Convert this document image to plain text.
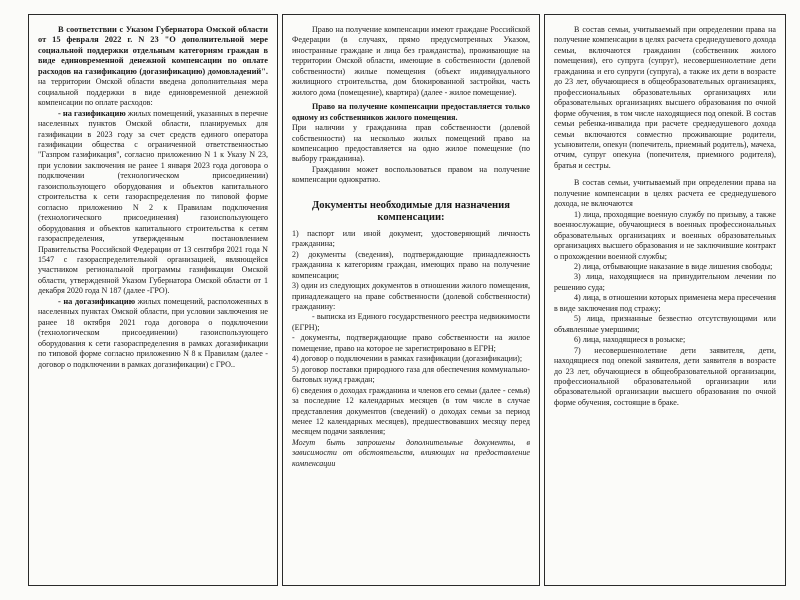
В соответствии с Указом Губернатора Омской области от 15 февраля 2022 г. N 23 "О дополнительной мере социальной поддержки отдельным категориям граждан в виде единовременной денежной компенсации по оплате расходов на газификацию (догазификацию) домовладений". на территории Омской области введена дополнительная мера социальной поддержки в виде единовременной денежной компенсации по оплате расходов:

- на газификацию жилых помещений, указанных в перечне населенных пунктов Омской области, планируемых для газификации в 2023 году за счет средств единого оператора газификации общества с ограниченной ответственностью "Газпром газификация", согласно приложению N 1 к Указу N 23, при условии заключения не ранее 1 января 2023 года договора о подключении (технологическом присоединении) газоиспользующего оборудования и объектов капитального строительства к сети газораспределения по типовой форме согласно приложению N 2 к Правилам подключения (технологического присоединения) газоиспользующего оборудования и объектов капитального строительства к сетям газораспределения, утвержденным постановлением Правительства Российской Федерации от 13 сентября 2021 года N 1547 с газораспределительной организацией, являющейся участником региональной программы газификации Омской области, утвержденной Указом Губернатора Омской области от 1 декабря 2020 года N 187 (далее -ГРО).

- на догазификацию жилых помещений, расположенных в населенных пунктах Омской области, при условии заключения не ранее 18 октября 2021 года договора о подключении (технологическом присоединении) газоиспользующего оборудования к сети газораспределения в рамках догазификации по типовой форме согласно приложению N 8 к Правилам (далее - договор о подключении в рамках догазификации) с ГРО..

Право на получение компенсации имеют граждане Российской Федерации (в случаях, прямо предусмотренных Указом, иностранные граждане и лица без гражданства), проживающие на территории Омской области, имеющие в собственности (долевой собственности) жилые помещения (объект индивидуального жилищного строительства, дом блокированной застройки, часть жилого дома (помещение), квартира) (далее - жилое помещение).

Право на получение компенсации предоставляется только одному из собственников жилого помещения.

При наличии у гражданина прав собственности (долевой собственности) на несколько жилых помещений право на компенсацию предоставляется на одно жилое помещение (по выбору гражданина).

Гражданин может воспользоваться правом на получение компенсации однократно.

Документы необходимые для назначения компенсации:

1) паспорт или иной документ, удостоверяющий личность гражданина;

2) документы (сведения), подтверждающие принадлежность гражданина к категориям граждан, имеющих право на получение компенсации;

3) один из следующих документов в отношении жилого помещения, принадлежащего на праве собственности (долевой собственности) гражданину:

- выписка из Единого государственного реестра недвижимости (ЕГРН);

- документы, подтверждающие право собственности на жилое помещение, право на которое не зарегистрировано в ЕГРН;

4) договор о подключении в рамках газификации (догазификации);

5) договор поставки природного газа для обеспечения коммунально-бытовых нужд граждан;

6) сведения о доходах гражданина и членов его семьи (далее - семья) за последние 12 календарных месяцев (в том числе в случае представления документов (сведений) о доходах семьи за период менее 12 календарных месяцев), предшествовавших месяцу перед месяцем подачи заявления;

Могут быть запрошены дополнительные документы, в зависимости от обстоятельств, влияющих на предоставление компенсации

В состав семьи, учитываемый при определении права на получение компенсации в целях расчета среднедушевого дохода семьи, включаются гражданин (собственник жилого помещения), его супруга (супруг), несовершеннолетние дети гражданина и его супруги (супруга), а также их дети в возрасте до 23 лет, обучающиеся в общеобразовательных организациях, профессиональных образовательных организациях или образовательных организациях высшего образования по очной форме обучения, в том числе находящиеся под опекой. В состав семьи ребенка-инвалида при расчете среднедушевого дохода семьи включаются совместно проживающие родители, усыновители, опекун (попечитель, приемный родитель), мачеха, отчим, супруг опекуна (попечителя, приемного родителя), братья и сестры.

В состав семьи, учитываемый при определении права на получение компенсации в целях расчета ее среднедушевого дохода, не включаются

1) лица, проходящие военную службу по призыву, а также военнослужащие, обучающиеся в военных профессиональных образовательных организациях и военных образовательных организациях высшего образования и не заключившие контракт о прохождении военной службы;

2) лица, отбывающие наказание в виде лишения свободы;

3) лица, находящиеся на принудительном лечении по решению суда;

4) лица, в отношении которых применена мера пресечения в виде заключения под стражу;

5) лица, признанные безвестно отсутствующими или объявленные умершими;

6) лица, находящиеся в розыске;

7) несовершеннолетние дети заявителя, дети, находящиеся под опекой заявителя, дети заявителя в возрасте до 23 лет, обучающиеся в общеобразовательной организации, профессиональной образовательной организации или образовательной организации высшего образования по очной форме обучения, состоящие в браке.
